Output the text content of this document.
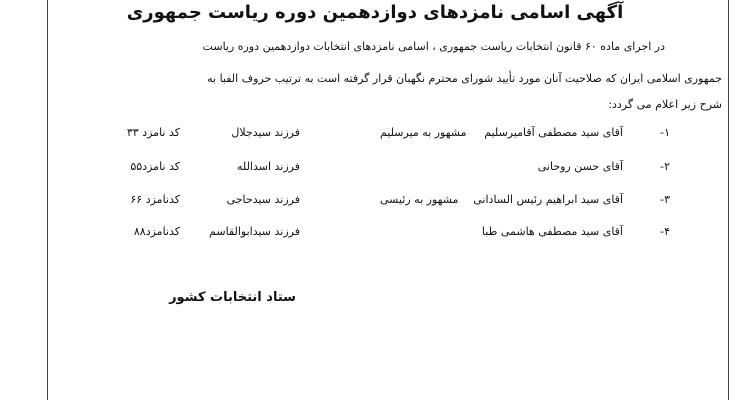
آگهی اسامی نامزدهای دوازدهمین دوره ریاست جمهوری
در اجرای ماده ۶۰ قانون انتخابات ریاست جمهوری ، اسامی نامزدهای انتخابات دوازدهمین دوره ریاست
جمهوری اسلامی ایران که صلاحیت آنان مورد تأیید شورای محترم نگهبان قرار گرفته است به ترتیب حروف الفبا به
شرح زیر اعلام می گردد:
۱-
آقای سید مصطفی آقامیرسلیم
مشهور به میرسلیم
فرزند سیدجلال
کد نامزد ۳۳
۲-
آقای حسن روحانی
فرزند اسدالله
کد نامزد۵۵
۳-
آقای سید ابراهیم رئیس السادانی
مشهور به رئیسی
فرزند سیدحاجی
کدنامزد ۶۶
۴-
آقای سید مصطفی هاشمی طبا
فرزند سیدابوالقاسم
کدنامزد۸۸
ستاد انتخابات کشور
